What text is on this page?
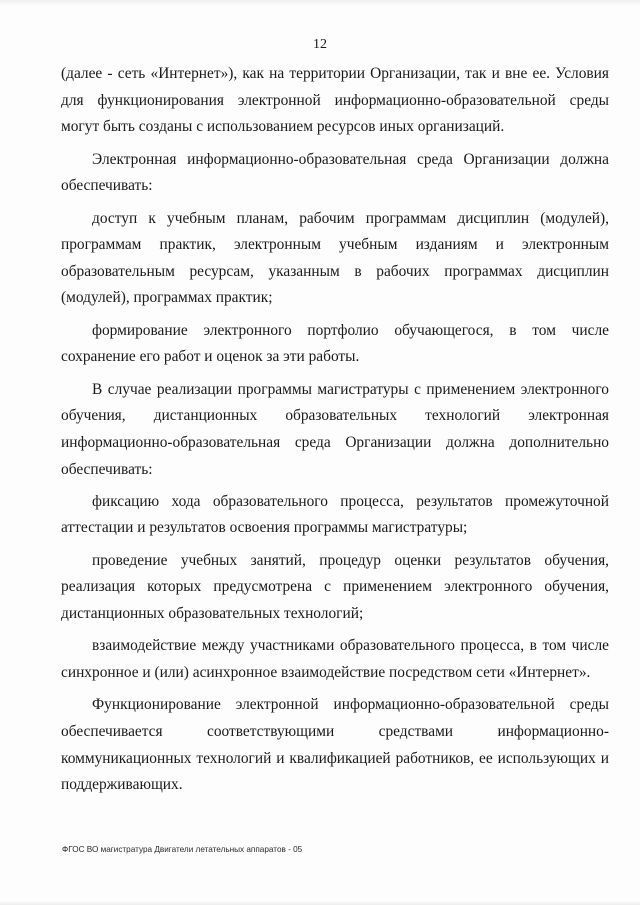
12

(далее - сеть «Интернет»), как на территории Организации, так и вне ее. Условия для функционирования электронной информационно-образовательной среды могут быть созданы с использованием ресурсов иных организаций.

Электронная информационно-образовательная среда Организации должна обеспечивать:

доступ к учебным планам, рабочим программам дисциплин (модулей), программам практик, электронным учебным изданиям и электронным образовательным ресурсам, указанным в рабочих программах дисциплин (модулей), программах практик;

формирование электронного портфолио обучающегося, в том числе сохранение его работ и оценок за эти работы.

В случае реализации программы магистратуры с применением электронного обучения, дистанционных образовательных технологий электронная информационно-образовательная среда Организации должна дополнительно обеспечивать:

фиксацию хода образовательного процесса, результатов промежуточной аттестации и результатов освоения программы магистратуры;

проведение учебных занятий, процедур оценки результатов обучения, реализация которых предусмотрена с применением электронного обучения, дистанционных образовательных технологий;

взаимодействие между участниками образовательного процесса, в том числе синхронное и (или) асинхронное взаимодействие посредством сети «Интернет».

Функционирование электронной информационно-образовательной среды обеспечивается соответствующими средствами информационно-коммуникационных технологий и квалификацией работников, ее использующих и поддерживающих.

ФГОС ВО магистратура Двигатели летательных аппаратов - 05
